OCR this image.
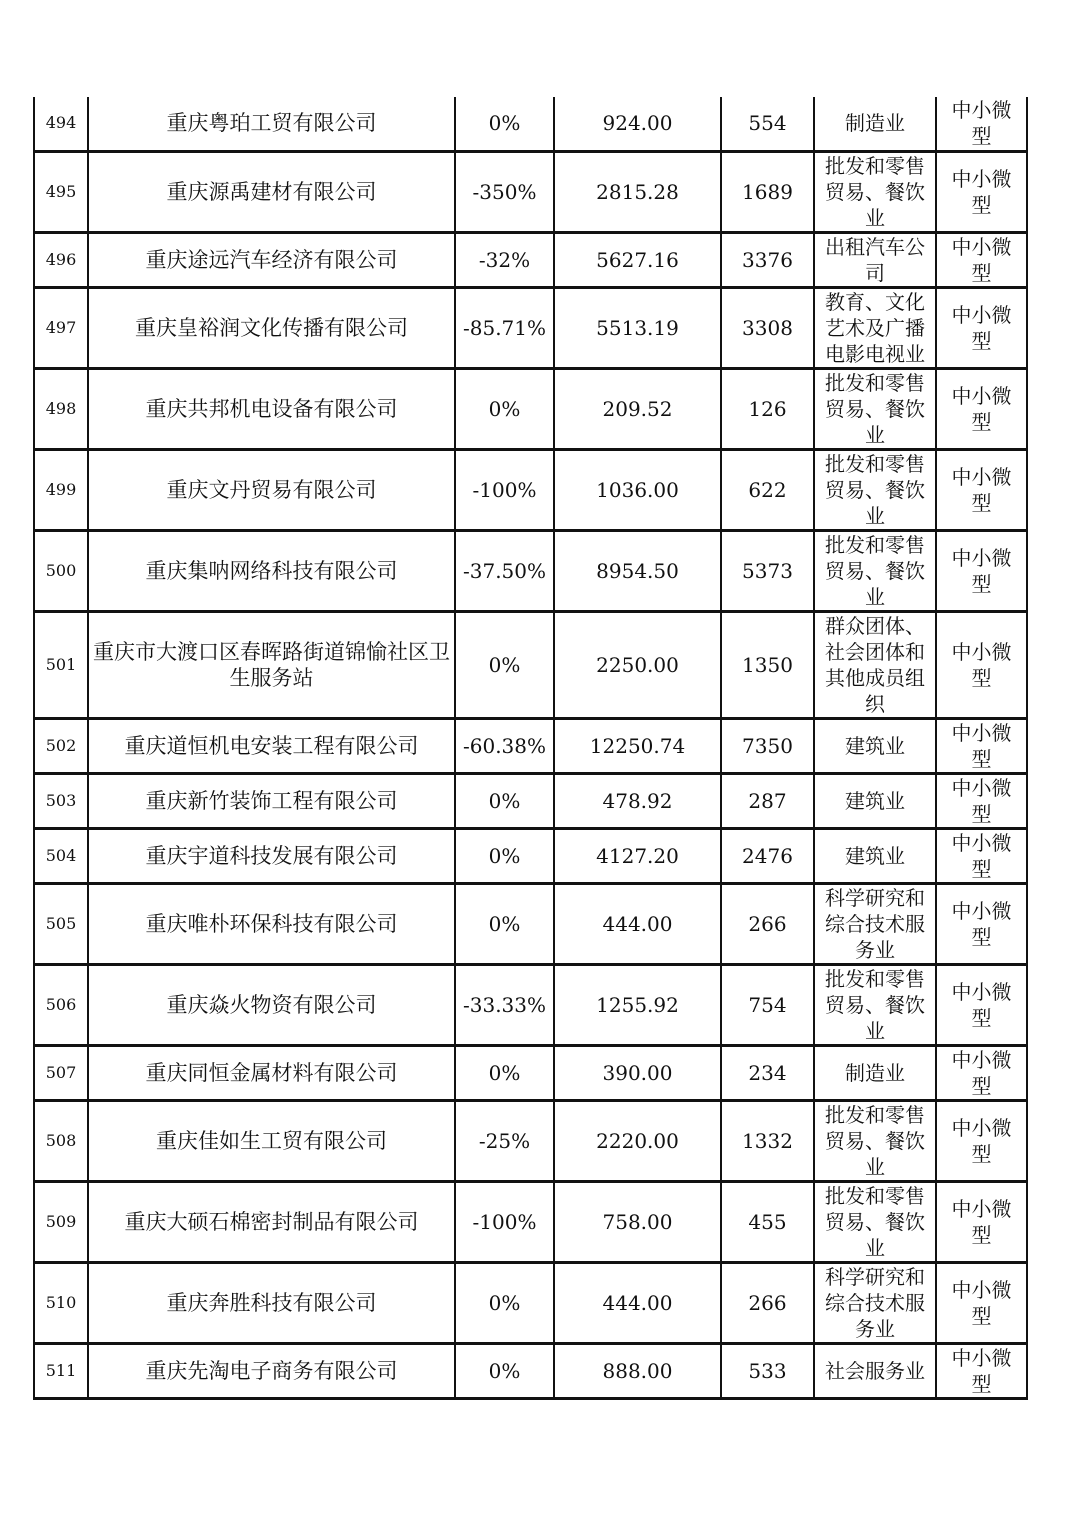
494	重庆粤珀工贸有限公司	0%	924.00	554	制造业	中小微型
495	重庆源禹建材有限公司	-350%	2815.28	1689	批发和零售贸易、餐饮业	中小微型
496	重庆途远汽车经济有限公司	-32%	5627.16	3376	出租汽车公司	中小微型
497	重庆皇裕润文化传播有限公司	-85.71%	5513.19	3308	教育、文化艺术及广播电影电视业	中小微型
498	重庆共邦机电设备有限公司	0%	209.52	126	批发和零售贸易、餐饮业	中小微型
499	重庆文丹贸易有限公司	-100%	1036.00	622	批发和零售贸易、餐饮业	中小微型
500	重庆集呐网络科技有限公司	-37.50%	8954.50	5373	批发和零售贸易、餐饮业	中小微型
501	重庆市大渡口区春晖路街道锦愉社区卫生服务站	0%	2250.00	1350	群众团体、社会团体和其他成员组织	中小微型
502	重庆道恒机电安装工程有限公司	-60.38%	12250.74	7350	建筑业	中小微型
503	重庆新竹装饰工程有限公司	0%	478.92	287	建筑业	中小微型
504	重庆宇道科技发展有限公司	0%	4127.20	2476	建筑业	中小微型
505	重庆唯朴环保科技有限公司	0%	444.00	266	科学研究和综合技术服务业	中小微型
506	重庆焱火物资有限公司	-33.33%	1255.92	754	批发和零售贸易、餐饮业	中小微型
507	重庆同恒金属材料有限公司	0%	390.00	234	制造业	中小微型
508	重庆佳如生工贸有限公司	-25%	2220.00	1332	批发和零售贸易、餐饮业	中小微型
509	重庆大硕石棉密封制品有限公司	-100%	758.00	455	批发和零售贸易、餐饮业	中小微型
510	重庆奔胜科技有限公司	0%	444.00	266	科学研究和综合技术服务业	中小微型
511	重庆先淘电子商务有限公司	0%	888.00	533	社会服务业	中小微型
